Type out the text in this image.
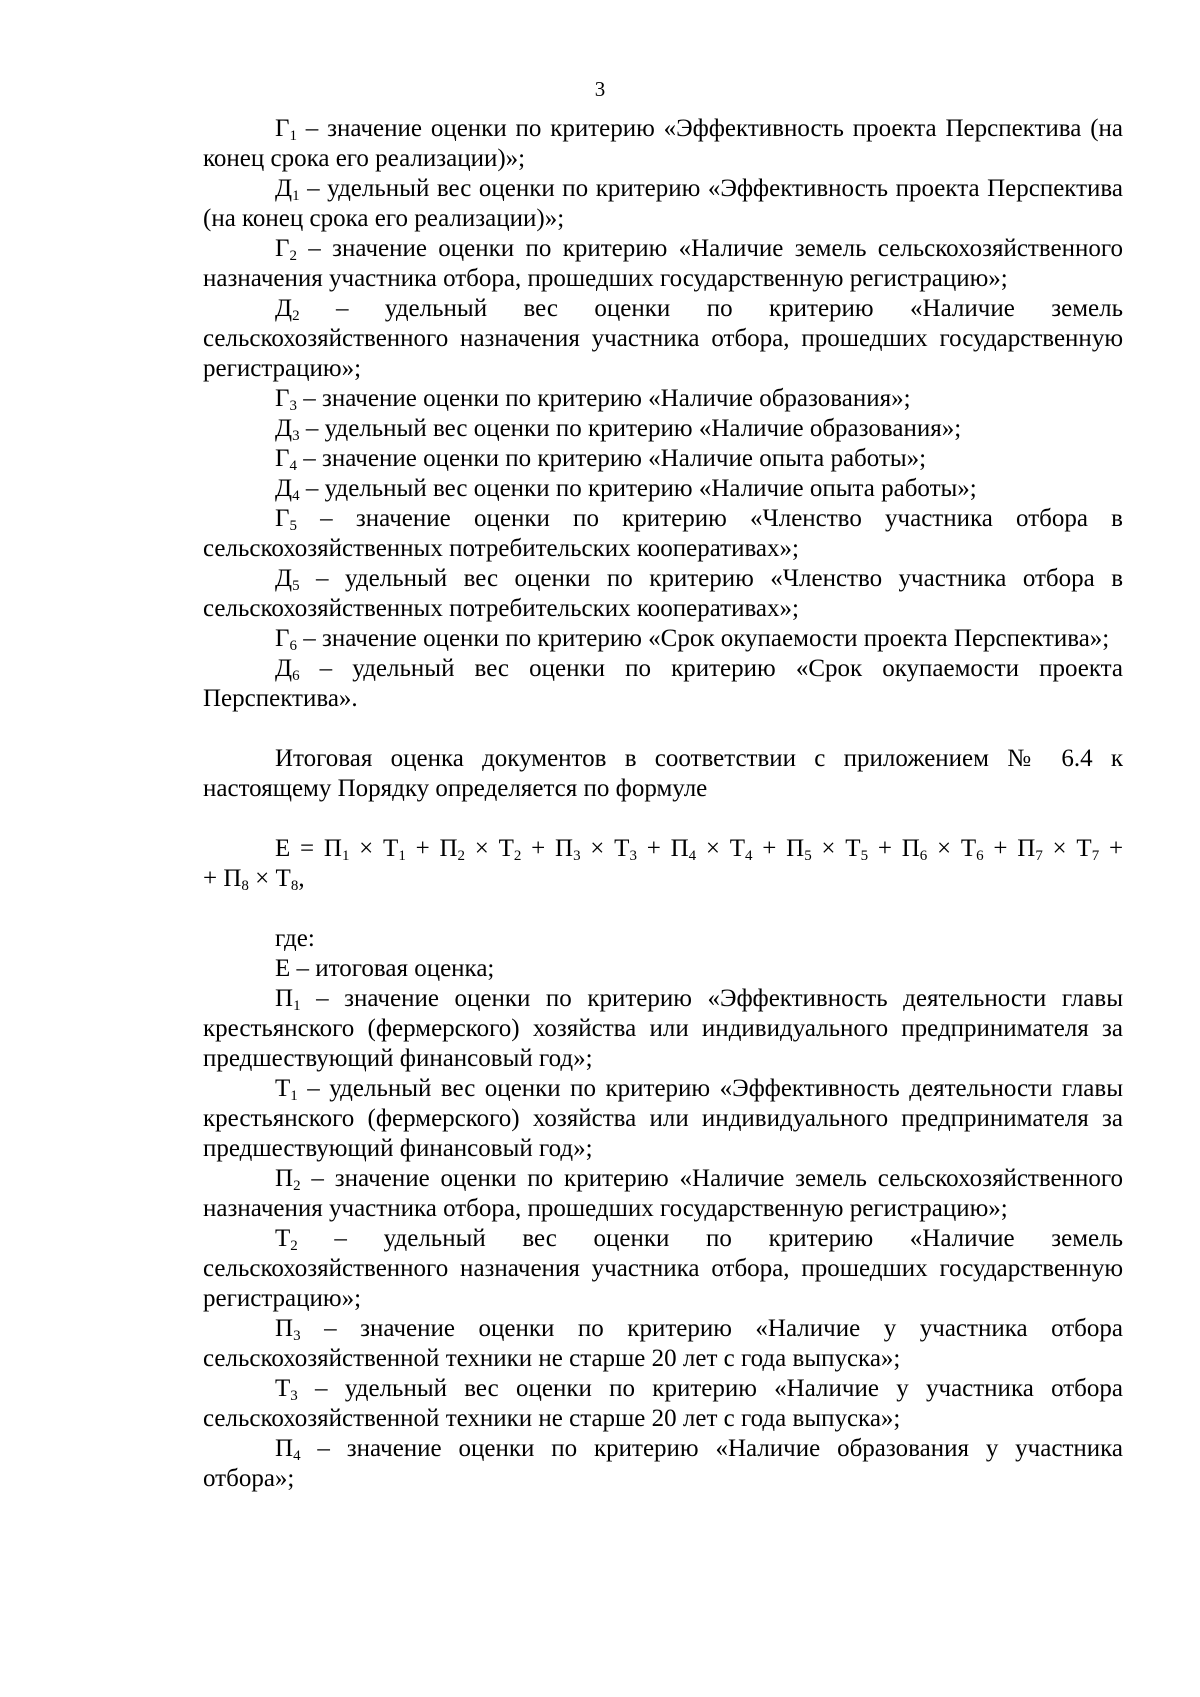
3

$Г_1$ – значение оценки по критерию «Эффективность проекта Перспектива (на конец срока его реализации)»;

$Д_1$ – удельный вес оценки по критерию «Эффективность проекта Перспектива (на конец срока его реализации)»;

$Г_2$ – значение оценки по критерию «Наличие земель сельскохозяйственного назначения участника отбора, прошедших государственную регистрацию»;

$Д_2$ – удельный вес оценки по критерию «Наличие земель сельскохозяйственного назначения участника отбора, прошедших государственную регистрацию»;

$Г_3$ – значение оценки по критерию «Наличие образования»;

$Д_3$ – удельный вес оценки по критерию «Наличие образования»;

$Г_4$ – значение оценки по критерию «Наличие опыта работы»;

$Д_4$ – удельный вес оценки по критерию «Наличие опыта работы»;

$Г_5$ – значение оценки по критерию «Членство участника отбора в сельскохозяйственных потребительских кооперативах»;

$Д_5$ – удельный вес оценки по критерию «Членство участника отбора в сельскохозяйственных потребительских кооперативах»;

$Г_6$ – значение оценки по критерию «Срок окупаемости проекта Перспектива»;

$Д_6$ – удельный вес оценки по критерию «Срок окупаемости проекта Перспектива».

Итоговая оценка документов в соответствии с приложением № 6.4 к настоящему Порядку определяется по формуле

$Е = П_1 \times Т_1 + П_2 \times Т_2 + П_3 \times Т_3 + П_4 \times Т_4 + П_5 \times Т_5 + П_6 \times Т_6 + П_7 \times Т_7$ +
+ $П_8 \times Т_8$,

где:

Е – итоговая оценка;

$П_1$ – значение оценки по критерию «Эффективность деятельности главы крестьянского (фермерского) хозяйства или индивидуального предпринимателя за предшествующий финансовый год»;

$Т_1$ – удельный вес оценки по критерию «Эффективность деятельности главы крестьянского (фермерского) хозяйства или индивидуального предпринимателя за предшествующий финансовый год»;

$П_2$ – значение оценки по критерию «Наличие земель сельскохозяйственного назначения участника отбора, прошедших государственную регистрацию»;

$Т_2$ – удельный вес оценки по критерию «Наличие земель сельскохозяйственного назначения участника отбора, прошедших государственную регистрацию»;

$П_3$ – значение оценки по критерию «Наличие у участника отбора сельскохозяйственной техники не старше 20 лет с года выпуска»;

$Т_3$ – удельный вес оценки по критерию «Наличие у участника отбора сельскохозяйственной техники не старше 20 лет с года выпуска»;

$П_4$ – значение оценки по критерию «Наличие образования у участника отбора»;
